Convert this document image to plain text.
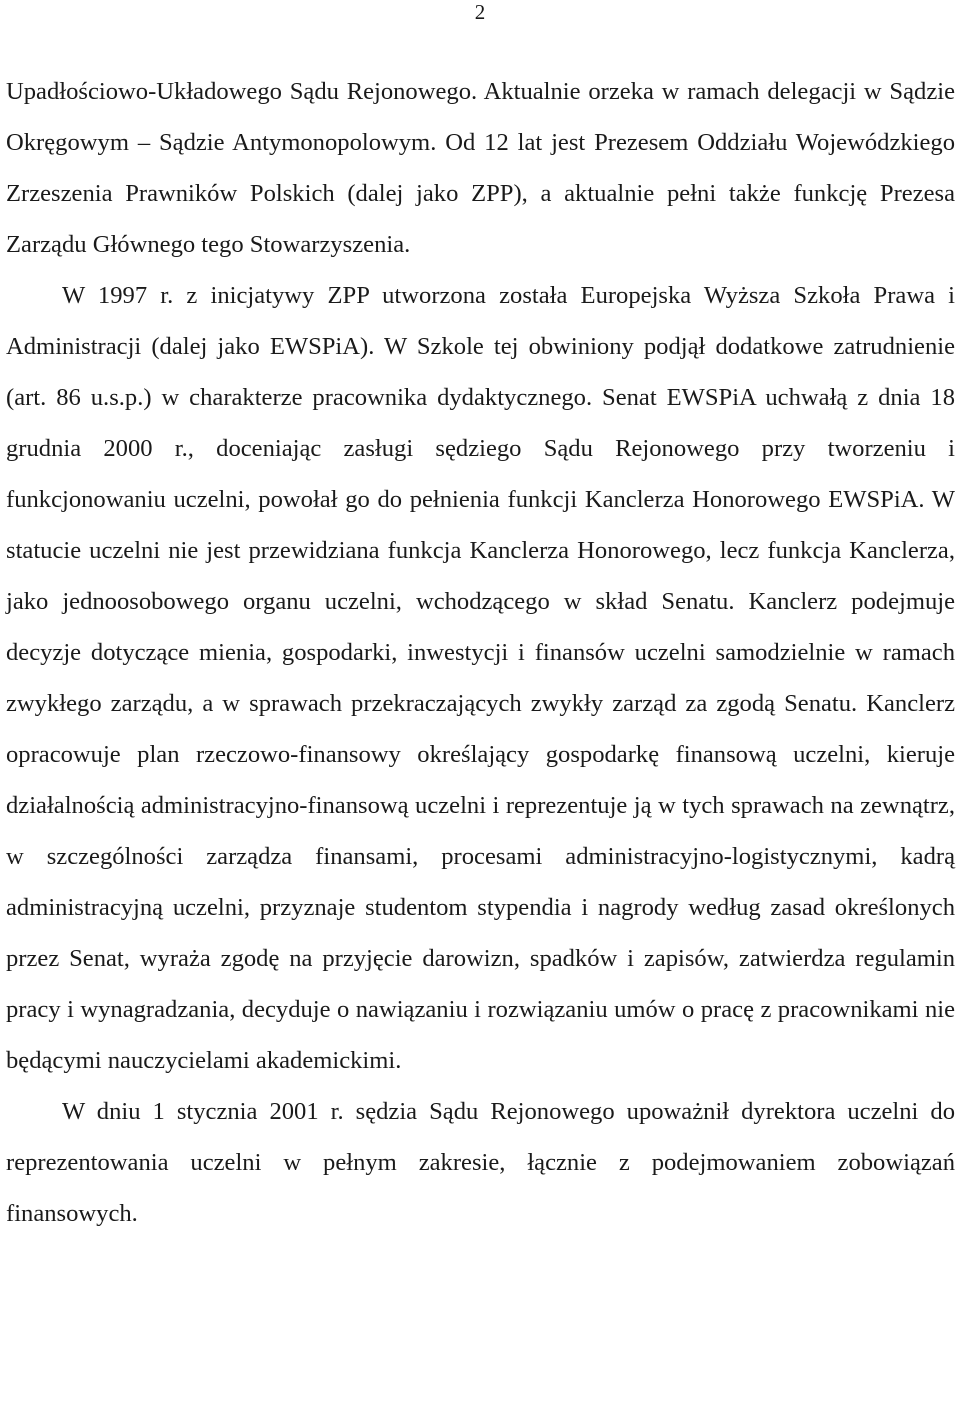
2

Upadłościowo-Układowego Sądu Rejonowego. Aktualnie orzeka w ramach delegacji w Sądzie Okręgowym – Sądzie Antymonopolowym. Od 12 lat jest Prezesem Oddziału Wojewódzkiego Zrzeszenia Prawników Polskich (dalej jako ZPP), a aktualnie pełni także funkcję Prezesa Zarządu Głównego tego Stowarzyszenia.

W 1997 r. z inicjatywy ZPP utworzona została Europejska Wyższa Szkoła Prawa i Administracji (dalej jako EWSPiA). W Szkole tej obwiniony podjął dodatkowe zatrudnienie (art. 86 u.s.p.) w charakterze pracownika dydaktycznego. Senat EWSPiA uchwałą z dnia 18 grudnia 2000 r., doceniając zasługi sędziego Sądu Rejonowego przy tworzeniu i funkcjonowaniu uczelni, powołał go do pełnienia funkcji Kanclerza Honorowego EWSPiA. W statucie uczelni nie jest przewidziana funkcja Kanclerza Honorowego, lecz funkcja Kanclerza, jako jednoosobowego organu uczelni, wchodzącego w skład Senatu. Kanclerz podejmuje decyzje dotyczące mienia, gospodarki, inwestycji i finansów uczelni samodzielnie w ramach zwykłego zarządu, a w sprawach przekraczających zwykły zarząd za zgodą Senatu. Kanclerz opracowuje plan rzeczowo-finansowy określający gospodarkę finansową uczelni, kieruje działalnością administracyjno-finansową uczelni i reprezentuje ją w tych sprawach na zewnątrz, w szczególności zarządza finansami, procesami administracyjno-logistycznymi, kadrą administracyjną uczelni, przyznaje studentom stypendia i nagrody według zasad określonych przez Senat, wyraża zgodę na przyjęcie darowizn, spadków i zapisów, zatwierdza regulamin pracy i wynagradzania, decyduje o nawiązaniu i rozwiązaniu umów o pracę z pracownikami nie będącymi nauczycielami akademickimi.

W dniu 1 stycznia 2001 r. sędzia Sądu Rejonowego upoważnił dyrektora uczelni do reprezentowania uczelni w pełnym zakresie, łącznie z podejmowaniem zobowiązań finansowych.
